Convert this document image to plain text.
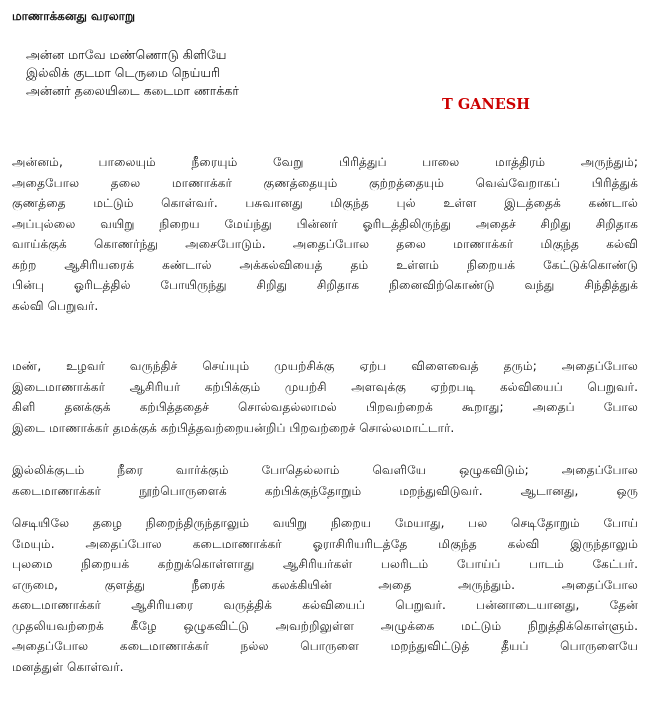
மாணாக்கனது வரலாறு
அன்ன மாவே மண்ணொடு கிளியே
இல்லிக் குடமா டெருமை நெய்யரி
அன்னர் தலையிடை கடைமா ணாக்கர்
T GANESH
அன்னம், பாலையும் நீரையும் வேறு பிரித்துப் பாலை மாத்திரம் அருந்தும்;
அதைபோல தலை மாணாக்கர் குணத்தையும் குற்றத்தையும் வெவ்வேறாகப் பிரித்துக்
குணத்தை மட்டும் கொள்வர். பசுவானது மிகுந்த புல் உள்ள இடத்தைக் கண்டால்
அப்புல்லை வயிறு நிறைய மேய்ந்து பின்னர் ஓரிடத்திலிருந்து அதைச் சிறிது சிறிதாக
வாய்க்குக் கொணர்ந்து அசைபோடும். அதைப்போல தலை மாணாக்கர் மிகுந்த கல்வி
கற்ற ஆசிரியரைக் கண்டால் அக்கல்வியைத் தம் உள்ளம் நிறையக் கேட்டுக்கொண்டு
பின்பு ஓரிடத்தில் போயிருந்து சிறிது சிறிதாக நினைவிற்கொண்டு வந்து சிந்தித்துக்
கல்வி பெறுவர்.
மண், உழவர் வருந்திச் செய்யும் முயற்சிக்கு ஏற்ப விளைவைத் தரும்; அதைப்போல
இடைமாணாக்கர் ஆசிரியர் கற்பிக்கும் முயற்சி அளவுக்கு ஏற்றபடி கல்வியைப் பெறுவர்.
கிளி தனக்குக் கற்பித்ததைச் சொல்வதல்லாமல் பிறவற்றைக் கூறாது; அதைப் போல
இடை மாணாக்கர் தமக்குக் கற்பித்தவற்றையன்றிப் பிறவற்றைச் சொல்லமாட்டார்.
இல்லிக்குடம் நீரை வார்க்கும் போதெல்லாம் வெளியே ஒழுகவிடும்; அதைப்போல
கடைமாணாக்கர் நூற்பொருளைக் கற்பிக்குந்தோறும் மறந்துவிடுவர். ஆடானது, ஒரு
செடியிலே தழை நிறைந்திருந்தாலும் வயிறு நிறைய மேயாது, பல செடிதோறும் போய்
மேயும். அதைப்போல கடைமாணாக்கர் ஓராசிரியரிடத்தே மிகுந்த கல்வி இருந்தாலும்
புலமை நிறையக் கற்றுக்கொள்ளாது ஆசிரியர்கள் பலரிடம் போய்ப் பாடம் கேட்பர்.
எருமை, குளத்து நீரைக் கலக்கியின் அதை அருந்தும். அதைப்போல
கடைமாணாக்கர் ஆசிரியரை வருத்திக் கல்வியைப் பெறுவர். பன்னாடையானது, தேன்
முதலியவற்றைக் கீழே ஒழுகவிட்டு அவற்றிலுள்ள அழுக்கை மட்டும் நிறுத்திக்கொள்ளும்.
அதைப்போல கடைமாணாக்கர் நல்ல பொருளை மறந்துவிட்டுத் தீயப் பொருளையே
மனத்துள் கொள்வர்.
